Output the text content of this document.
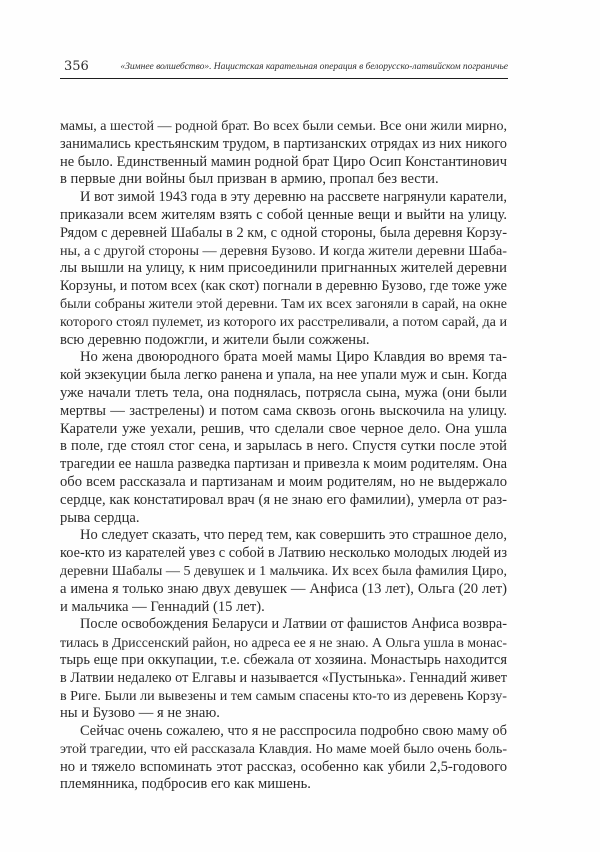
356	«Зимнее волшебство». Нацистская карательная операция в белорусско-латвийском пограничье
мамы, а шестой — родной брат. Во всех были семьи. Все они жили мирно,
занимались крестьянским трудом, в партизанских отрядах из них никого
не было. Единственный мамин родной брат Циро Осип Константинович
в первые дни войны был призван в армию, пропал без вести.
И вот зимой 1943 года в эту деревню на рассвете нагрянули каратели,
приказали всем жителям взять с собой ценные вещи и выйти на улицу.
Рядом с деревней Шабалы в 2 км, с одной стороны, была деревня Корзу-
ны, а с другой стороны — деревня Бузово. И когда жители деревни Шаба-
лы вышли на улицу, к ним присоединили пригнанных жителей деревни
Корзуны, и потом всех (как скот) погнали в деревню Бузово, где тоже уже
были собраны жители этой деревни. Там их всех загоняли в сарай, на окне
которого стоял пулемет, из которого их расстреливали, а потом сарай, да и
всю деревню подожгли, и жители были сожжены.
Но жена двоюродного брата моей мамы Циро Клавдия во время та-
кой экзекуции была легко ранена и упала, на нее упали муж и сын. Когда
уже начали тлеть тела, она поднялась, потрясла сына, мужа (они были
мертвы — застрелены) и потом сама сквозь огонь выскочила на улицу.
Каратели уже уехали, решив, что сделали свое черное дело. Она ушла
в поле, где стоял стог сена, и зарылась в него. Спустя сутки после этой
трагедии ее нашла разведка партизан и привезла к моим родителям. Она
обо всем рассказала и партизанам и моим родителям, но не выдержало
сердце, как констатировал врач (я не знаю его фамилии), умерла от раз-
рыва сердца.
Но следует сказать, что перед тем, как совершить это страшное дело,
кое-кто из карателей увез с собой в Латвию несколько молодых людей из
деревни Шабалы — 5 девушек и 1 мальчика. Их всех была фамилия Циро,
а имена я только знаю двух девушек — Анфиса (13 лет), Ольга (20 лет)
и мальчика — Геннадий (15 лет).
После освобождения Беларуси и Латвии от фашистов Анфиса возвра-
тилась в Дриссенский район, но адреса ее я не знаю. А Ольга ушла в монас-
тырь еще при оккупации, т.е. сбежала от хозяина. Монастырь находится
в Латвии недалеко от Елгавы и называется «Пустынька». Геннадий живет
в Риге. Были ли вывезены и тем самым спасены кто-то из деревень Корзу-
ны и Бузово — я не знаю.
Сейчас очень сожалею, что я не расспросила подробно свою маму об
этой трагедии, что ей рассказала Клавдия. Но маме моей было очень боль-
но и тяжело вспоминать этот рассказ, особенно как убили 2,5-годового
племянника, подбросив его как мишень.
